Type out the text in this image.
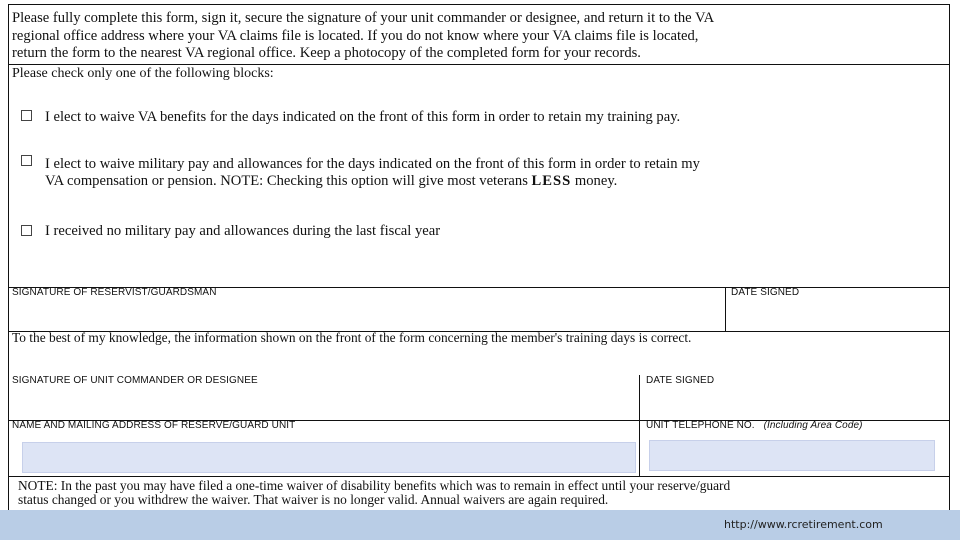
Please fully complete this form, sign it, secure the signature of your unit commander or designee, and return it to the VA
regional office address where your VA claims file is located. If you do not know where your VA claims file is located,
return the form to the nearest VA regional office. Keep a photocopy of the completed form for your records.
Please check only one of the following blocks:
I elect to waive VA benefits for the days indicated on the front of this form in order to retain my training pay.
I elect to waive military pay and allowances for the days indicated on the front of this form in order to retain my
VA compensation or pension. NOTE: Checking this option will give most veterans LESS money.
I received no military pay and allowances during the last fiscal year
SIGNATURE OF RESERVIST/GUARDSMAN	DATE SIGNED
To the best of my knowledge, the information shown on the front of the form concerning the member's training days is correct.
SIGNATURE OF UNIT COMMANDER OR DESIGNEE	DATE SIGNED
NAME AND MAILING ADDRESS OF RESERVE/GUARD UNIT	UNIT TELEPHONE NO. (Including Area Code)
NOTE: In the past you may have filed a one-time waiver of disability benefits which was to remain in effect until your reserve/guard
status changed or you withdrew the waiver. That waiver is no longer valid. Annual waivers are again required.
http://www.rcretirement.com
